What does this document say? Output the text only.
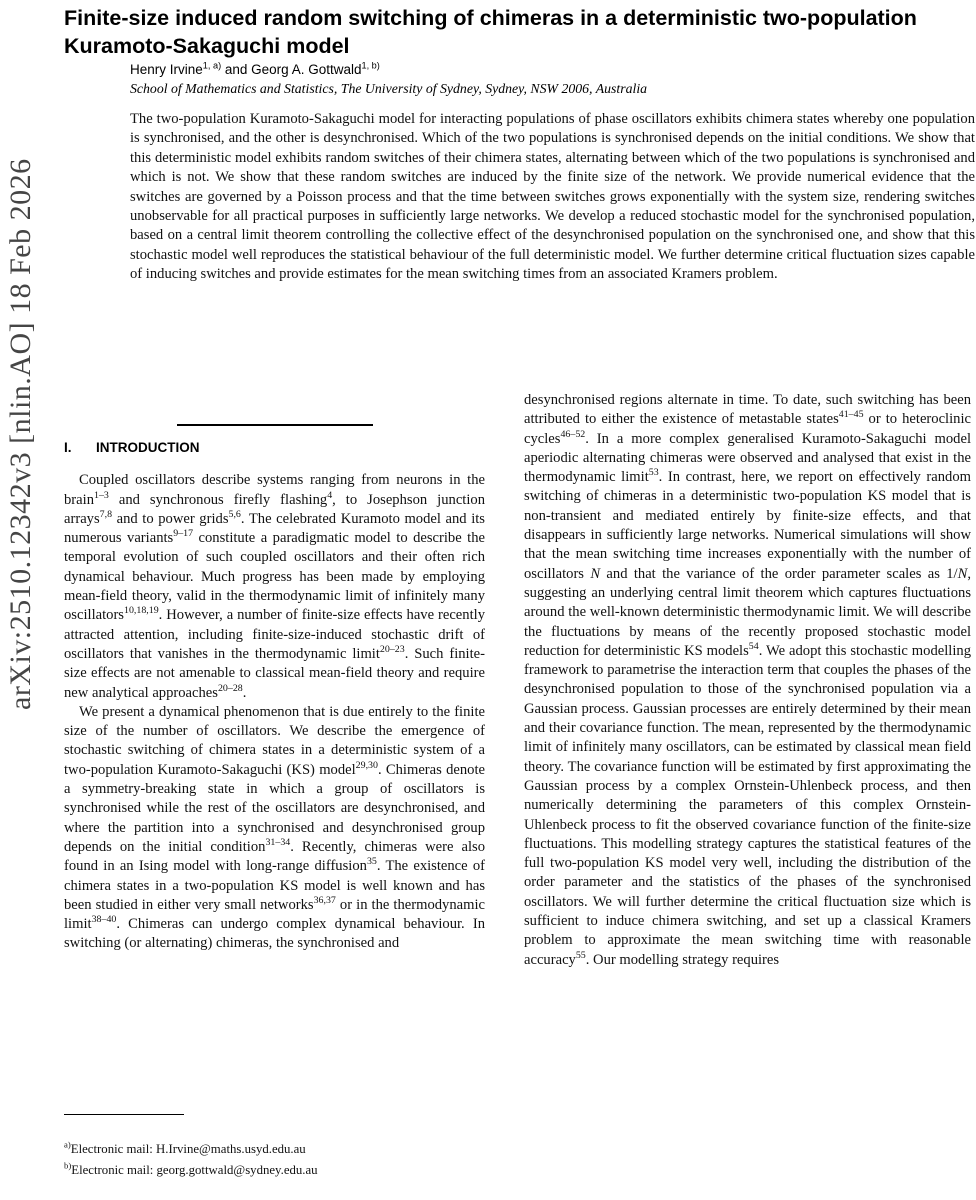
arXiv:2510.12342v3 [nlin.AO] 18 Feb 2026
Finite-size induced random switching of chimeras in a deterministic two-population Kuramoto-Sakaguchi model
Henry Irvine$^{1, a)}$ and Georg A. Gottwald$^{1, b)}$
School of Mathematics and Statistics, The University of Sydney, Sydney, NSW 2006, Australia

The two-population Kuramoto-Sakaguchi model for interacting populations of phase oscillators exhibits chimera states whereby one population is synchronised, and the other is desynchronised. Which of the two populations is synchronised depends on the initial conditions. We show that this deterministic model exhibits random switches of their chimera states, alternating between which of the two populations is synchronised and which is not. We show that these random switches are induced by the finite size of the network. We provide numerical evidence that the switches are governed by a Poisson process and that the time between switches grows exponentially with the system size, rendering switches unobservable for all practical purposes in sufficiently large networks. We develop a reduced stochastic model for the synchronised population, based on a central limit theorem controlling the collective effect of the desynchronised population on the synchronised one, and show that this stochastic model well reproduces the statistical behaviour of the full deterministic model. We further determine critical fluctuation sizes capable of inducing switches and provide estimates for the mean switching times from an associated Kramers problem.

I. INTRODUCTION

Coupled oscillators describe systems ranging from neurons in the brain$^{1-3}$ and synchronous firefly flashing$^4$, to Josephson junction arrays$^{7,8}$ and to power grids$^{5,6}$. The celebrated Kuramoto model and its numerous variants$^{9-17}$ constitute a paradigmatic model to describe the temporal evolution of such coupled oscillators and their often rich dynamical behaviour. Much progress has been made by employing mean-field theory, valid in the thermodynamic limit of infinitely many oscillators$^{10,18,19}$. However, a number of finite-size effects have recently attracted attention, including finite-size-induced stochastic drift of oscillators that vanishes in the thermodynamic limit$^{20-23}$. Such finite-size effects are not amenable to classical mean-field theory and require new analytical approaches$^{20-28}$.

We present a dynamical phenomenon that is due entirely to the finite size of the number of oscillators. We describe the emergence of stochastic switching of chimera states in a deterministic system of a two-population Kuramoto-Sakaguchi (KS) model$^{29,30}$. Chimeras denote a symmetry-breaking state in which a group of oscillators is synchronised while the rest of the oscillators are desynchronised, and where the partition into a synchronised and desynchronised group depends on the initial condition$^{31-34}$. Recently, chimeras were also found in an Ising model with long-range diffusion$^{35}$. The existence of chimera states in a two-population KS model is well known and has been studied in either very small networks$^{36,37}$ or in the thermodynamic limit$^{38-40}$. Chimeras can undergo complex dynamical behaviour. In switching (or alternating) chimeras, the synchronised and

desynchronised regions alternate in time. To date, such switching has been attributed to either the existence of metastable states$^{41-45}$ or to heteroclinic cycles$^{46-52}$. In a more complex generalised Kuramoto-Sakaguchi model aperiodic alternating chimeras were observed and analysed that exist in the thermodynamic limit$^{53}$. In contrast, here, we report on effectively random switching of chimeras in a deterministic two-population KS model that is non-transient and mediated entirely by finite-size effects, and that disappears in sufficiently large networks. Numerical simulations will show that the mean switching time increases exponentially with the number of oscillators N and that the variance of the order parameter scales as 1/N, suggesting an underlying central limit theorem which captures fluctuations around the well-known deterministic thermodynamic limit. We will describe the fluctuations by means of the recently proposed stochastic model reduction for deterministic KS models$^{54}$. We adopt this stochastic modelling framework to parametrise the interaction term that couples the phases of the desynchronised population to those of the synchronised population via a Gaussian process. Gaussian processes are entirely determined by their mean and their covariance function. The mean, represented by the thermodynamic limit of infinitely many oscillators, can be estimated by classical mean field theory. The covariance function will be estimated by first approximating the Gaussian process by a complex Ornstein-Uhlenbeck process, and then numerically determining the parameters of this complex Ornstein-Uhlenbeck process to fit the observed covariance function of the finite-size fluctuations. This modelling strategy captures the statistical features of the full two-population KS model very well, including the distribution of the order parameter and the statistics of the phases of the synchronised oscillators. We will further determine the critical fluctuation size which is sufficient to induce chimera switching, and set up a classical Kramers problem to approximate the mean switching time with reasonable accuracy$^{55}$. Our modelling strategy requires

$^{a)}$Electronic mail: H.Irvine@maths.usyd.edu.au
$^{b)}$Electronic mail: georg.gottwald@sydney.edu.au
